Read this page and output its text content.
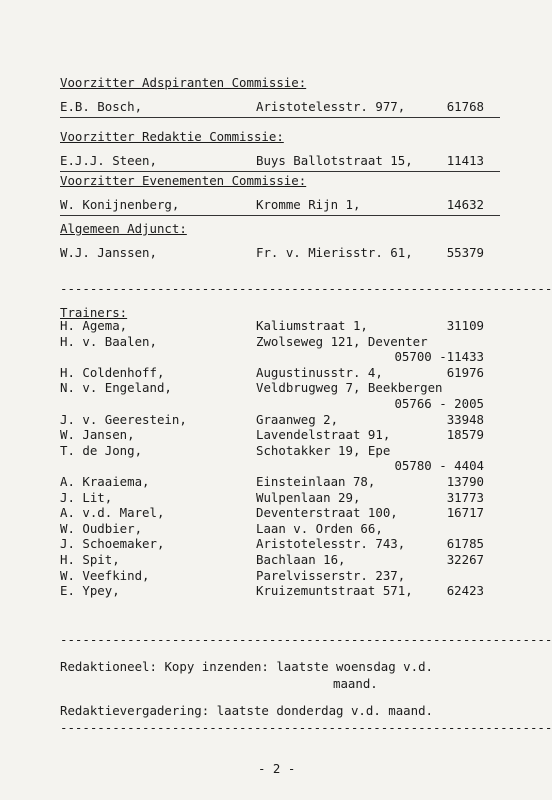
Voorzitter Adspiranten Commissie:
E.B. Bosch,	Aristotelesstr. 977,	61768
Voorzitter Redaktie Commissie:
E.J.J. Steen,	Buys Ballotstraat 15,	11413
Voorzitter Evenementen Commissie:
W. Konijnenberg,	Kromme Rijn 1,	14632
Algemeen Adjunct:
W.J. Janssen,	Fr. v. Mierisstr. 61,	55379
------------------------------------------------------------------
Trainers:
H. Agema,	Kaliumstraat 1,	31109
H. v. Baalen,	Zwolseweg 121, Deventer
05700 -11433
H. Coldenhoff,	Augustinusstr. 4,	61976
N. v. Engeland,	Veldbrugweg 7, Beekbergen
05766 - 2005
J. v. Geerestein,	Graanweg 2,	33948
W. Jansen,	Lavendelstraat 91,	18579
T. de Jong,	Schotakker 19, Epe
05780 - 4404
A. Kraaiema,	Einsteinlaan 78,	13790
J. Lit,	Wulpenlaan 29,	31773
A. v.d. Marel,	Deventerstraat 100,	16717
W. Oudbier,	Laan v. Orden 66,
J. Schoemaker,	Aristotelesstr. 743,	61785
H. Spit,	Bachlaan 16,	32267
W. Veefkind,	Parelvisserstr. 237,
E. Ypey,	Kruizemuntstraat 571,	62423
------------------------------------------------------------------
Redaktioneel: Kopy inzenden: laatste woensdag v.d.
maand.
Redaktievergadering: laatste donderdag v.d. maand.
------------------------------------------------------------------
- 2 -
